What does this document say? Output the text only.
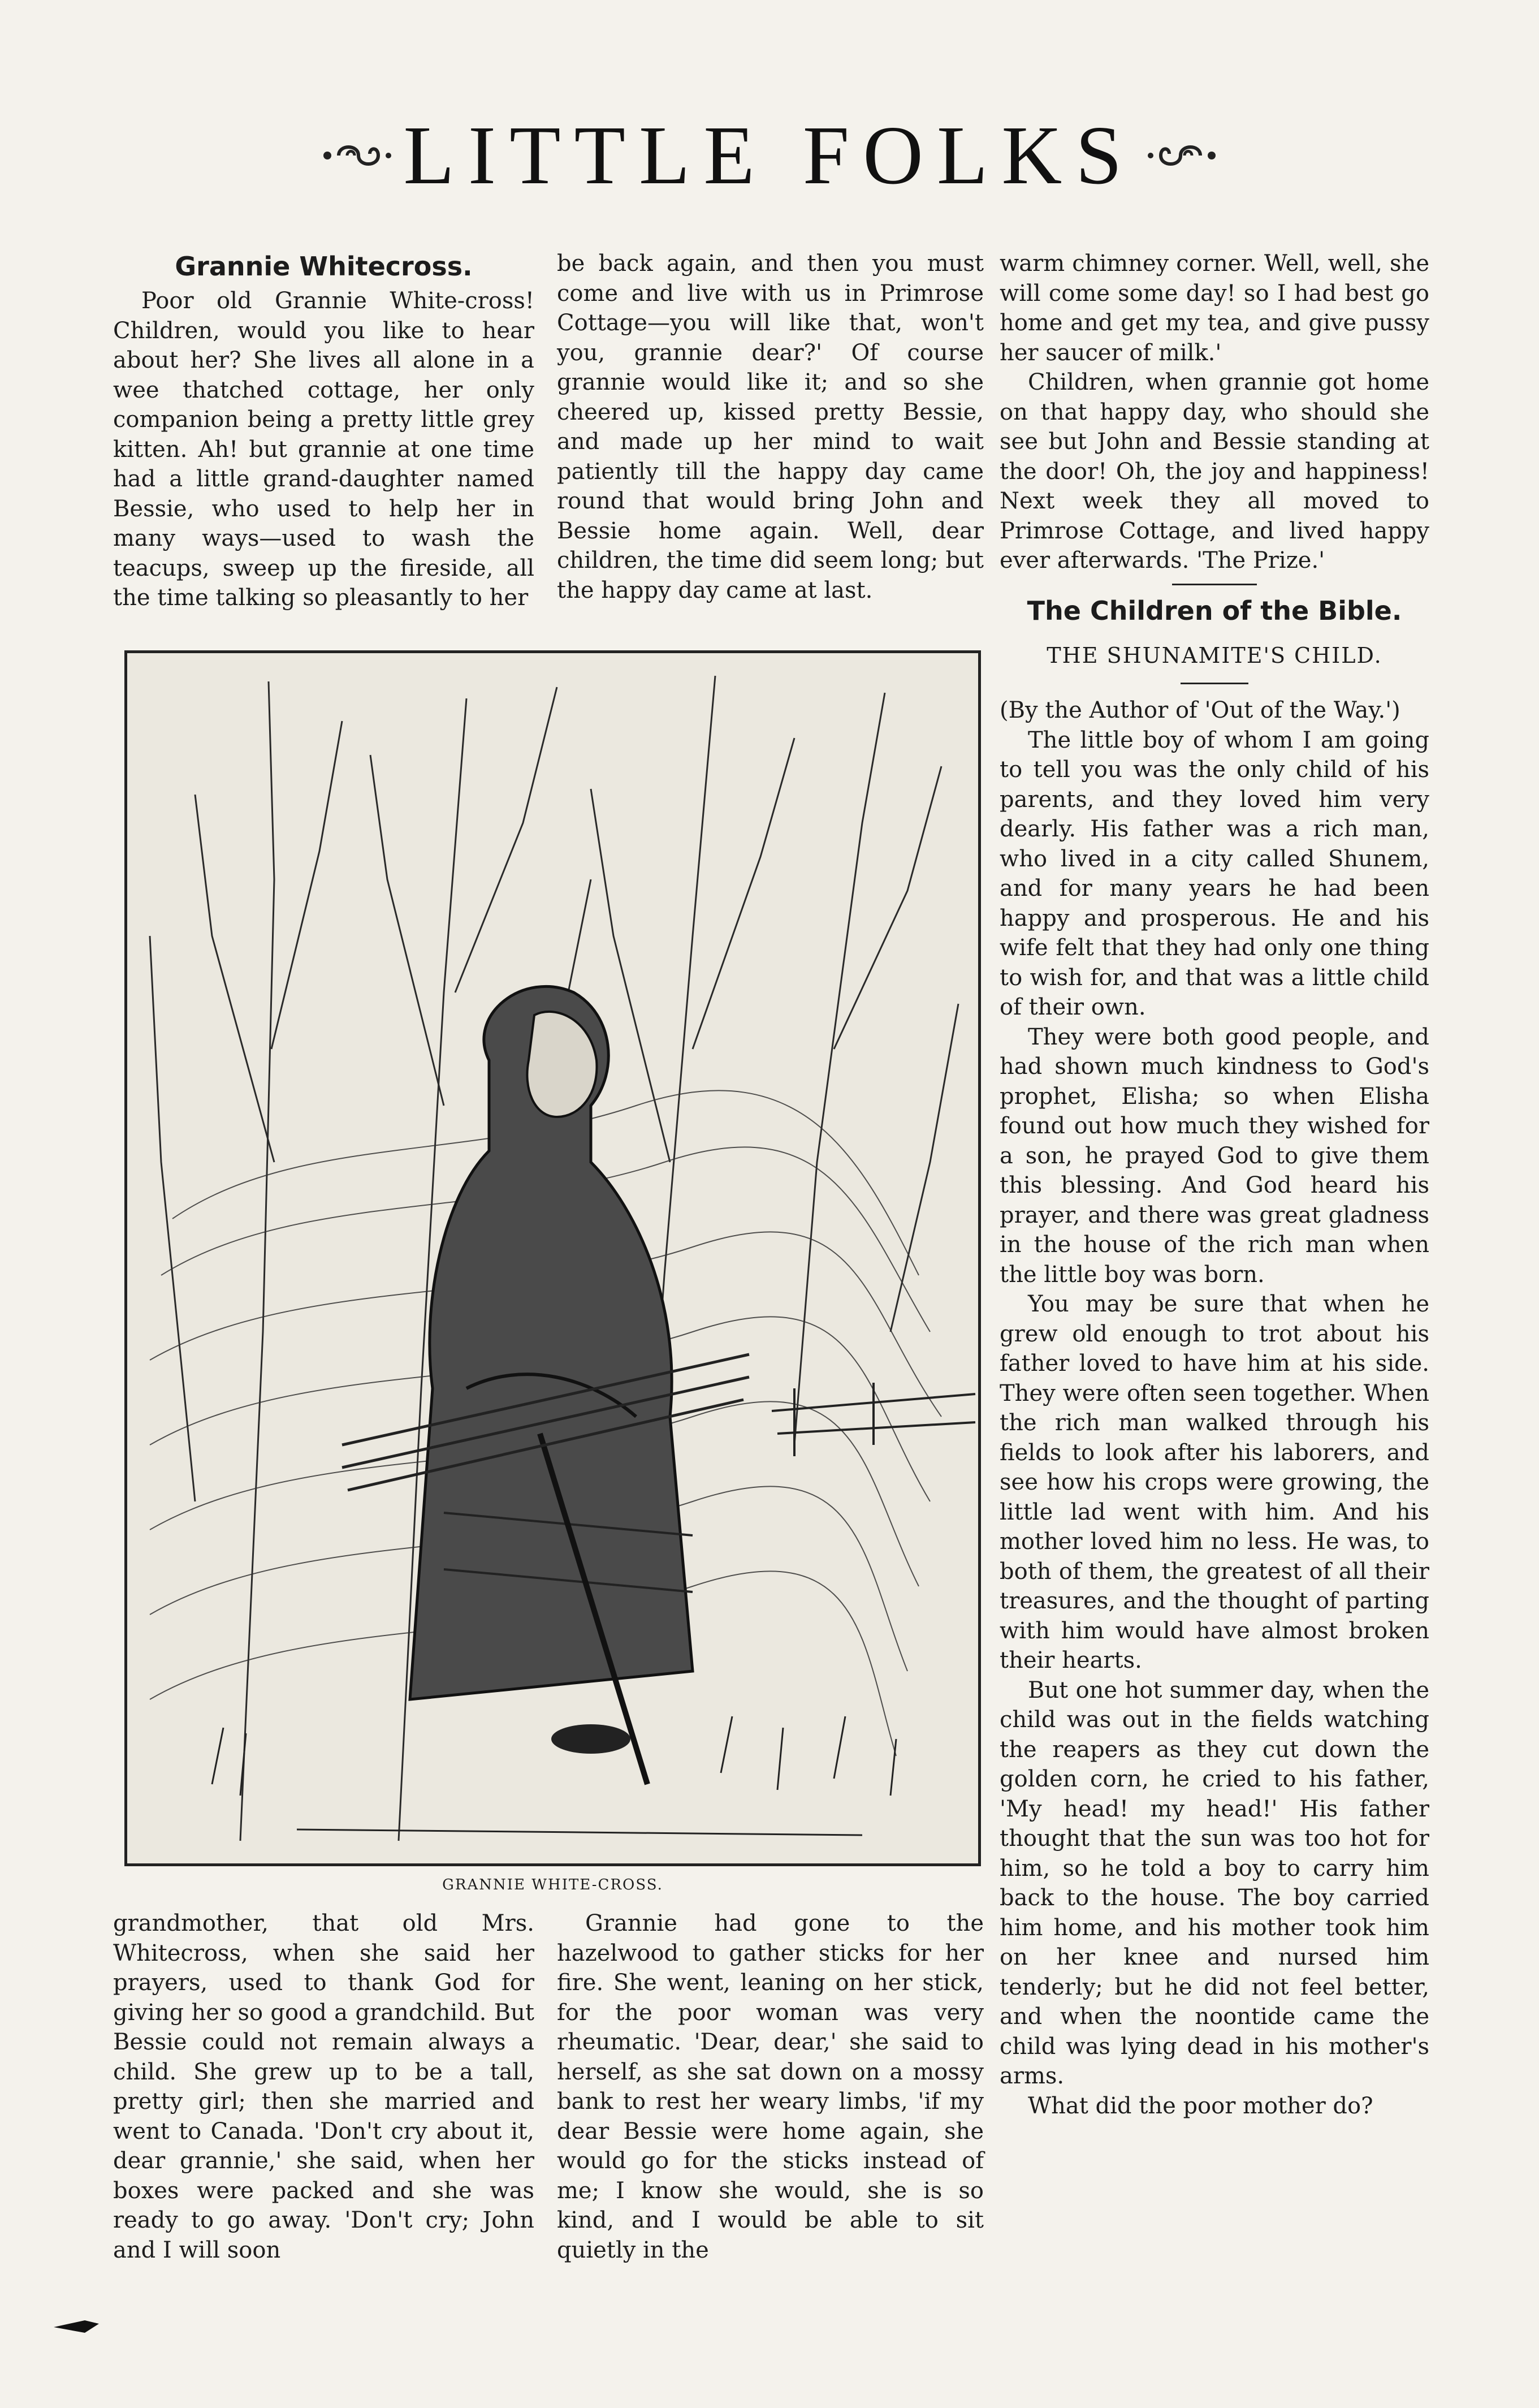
LITTLE FOLKS
Grannie Whitecross.

Poor old Grannie White-cross! Children, would you like to hear about her? She lives all alone in a wee thatched cottage, her only companion being a pretty little grey kitten. Ah! but grannie at one time had a little grand-daughter named Bessie, who used to help her in many ways—used to wash the teacups, sweep up the fireside, all the time talking so pleasantly to her

be back again, and then you must come and live with us in Primrose Cottage—you will like that, won't you, grannie dear?' Of course grannie would like it; and so she cheered up, kissed pretty Bessie, and made up her mind to wait patiently till the happy day came round that would bring John and Bessie home again. Well, dear children, the time did seem long; but the happy day came at last.

warm chimney corner. Well, well, she will come some day! so I had best go home and get my tea, and give pussy her saucer of milk.'

Children, when grannie got home on that happy day, who should she see but John and Bessie standing at the door! Oh, the joy and happiness! Next week they all moved to Primrose Cottage, and lived happy ever afterwards. 'The Prize.'

The Children of the Bible.
THE SHUNAMITE'S CHILD.

(By the Author of 'Out of the Way.')

The little boy of whom I am going to tell you was the only child of his parents, and they loved him very dearly. His father was a rich man, who lived in a city called Shunem, and for many years he had been happy and prosperous. He and his wife felt that they had only one thing to wish for, and that was a little child of their own.

They were both good people, and had shown much kindness to God's prophet, Elisha; so when Elisha found out how much they wished for a son, he prayed God to give them this blessing. And God heard his prayer, and there was great gladness in the house of the rich man when the little boy was born.

You may be sure that when he grew old enough to trot about his father loved to have him at his side. They were often seen together. When the rich man walked through his fields to look after his laborers, and see how his crops were growing, the little lad went with him. And his mother loved him no less. He was, to both of them, the greatest of all their treasures, and the thought of parting with him would have almost broken their hearts.

But one hot summer day, when the child was out in the fields watching the reapers as they cut down the golden corn, he cried to his father, 'My head! my head!' His father thought that the sun was too hot for him, so he told a boy to carry him back to the house. The boy carried him home, and his mother took him on her knee and nursed him tenderly; but he did not feel better, and when the noontide came the child was lying dead in his mother's arms.

What did the poor mother do?

GRANNIE WHITE-CROSS.

grandmother, that old Mrs. Whitecross, when she said her prayers, used to thank God for giving her so good a grandchild. But Bessie could not remain always a child. She grew up to be a tall, pretty girl; then she married and went to Canada. 'Don't cry about it, dear grannie,' she said, when her boxes were packed and she was ready to go away. 'Don't cry; John and I will soon

Grannie had gone to the hazelwood to gather sticks for her fire. She went, leaning on her stick, for the poor woman was very rheumatic. 'Dear, dear,' she said to herself, as she sat down on a mossy bank to rest her weary limbs, 'if my dear Bessie were home again, she would go for the sticks instead of me; I know she would, she is so kind, and I would be able to sit quietly in the
